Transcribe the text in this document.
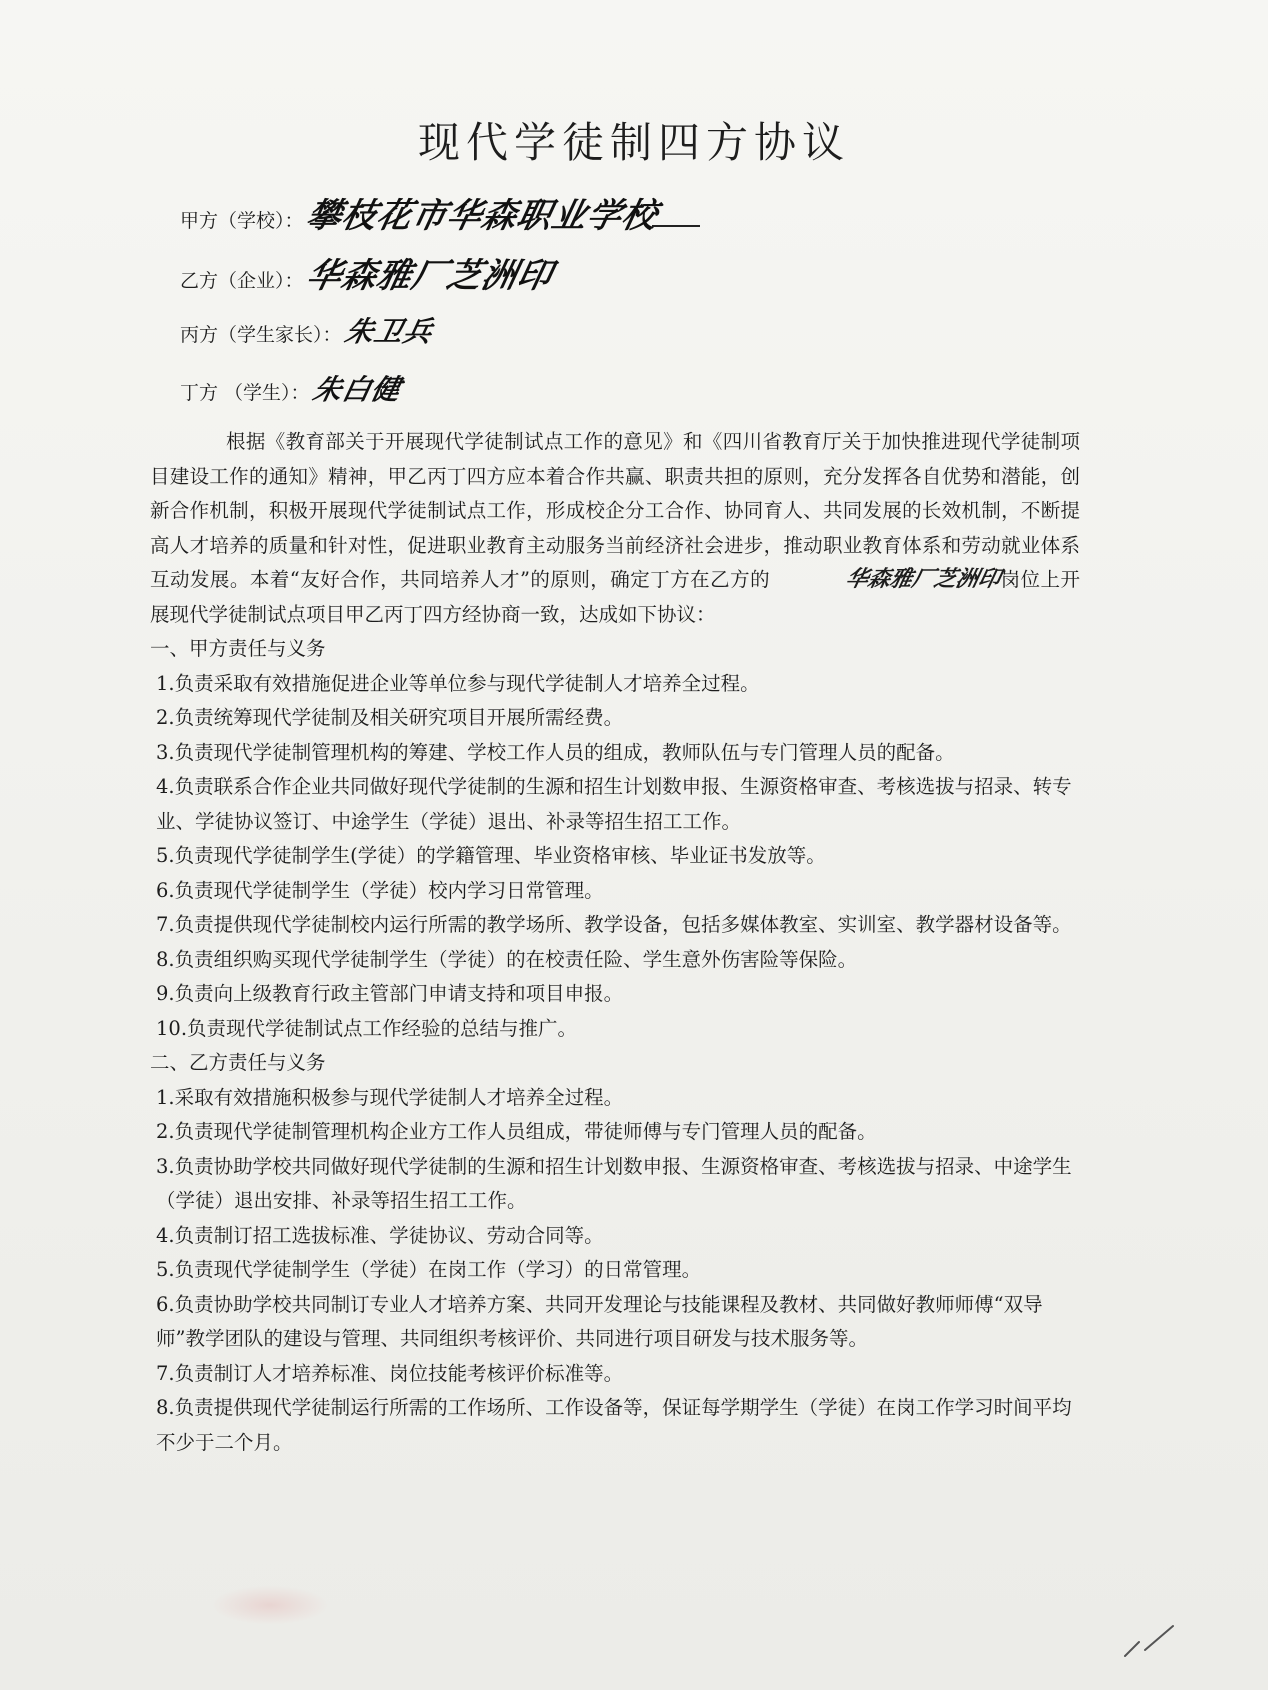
现代学徒制四方协议
甲方（学校）： 攀枝花市华森职业学校
乙方（企业）： 华森雅厂芝洲印
丙方（学生家长）： 朱卫兵
丁方 （学生）： 朱白健

根据《教育部关于开展现代学徒制试点工作的意见》和《四川省教育厅关于加快推进现代学徒制项目建设工作的通知》精神，甲乙丙丁四方应本着合作共赢、职责共担的原则，充分发挥各自优势和潜能，创新合作机制，积极开展现代学徒制试点工作，形成校企分工合作、协同育人、共同发展的长效机制，不断提高人才培养的质量和针对性，促进职业教育主动服务当前经济社会进步，推动职业教育体系和劳动就业体系互动发展。本着“友好合作，共同培养人才”的原则，确定丁方在乙方的	华森雅厂芝洲印岗位上开展现代学徒制试点项目甲乙丙丁四方经协商一致，达成如下协议：

一、甲方责任与义务

1.负责采取有效措施促进企业等单位参与现代学徒制人才培养全过程。

2.负责统筹现代学徒制及相关研究项目开展所需经费。

3.负责现代学徒制管理机构的筹建、学校工作人员的组成，教师队伍与专门管理人员的配备。

4.负责联系合作企业共同做好现代学徒制的生源和招生计划数申报、生源资格审查、考核选拔与招录、转专业、学徒协议签订、中途学生（学徒）退出、补录等招生招工工作。

5.负责现代学徒制学生(学徒）的学籍管理、毕业资格审核、毕业证书发放等。

6.负责现代学徒制学生（学徒）校内学习日常管理。

7.负责提供现代学徒制校内运行所需的教学场所、教学设备，包括多媒体教室、实训室、教学器材设备等。

8.负责组织购买现代学徒制学生（学徒）的在校责任险、学生意外伤害险等保险。

9.负责向上级教育行政主管部门申请支持和项目申报。

10.负责现代学徒制试点工作经验的总结与推广。

二、乙方责任与义务

1.采取有效措施积极参与现代学徒制人才培养全过程。

2.负责现代学徒制管理机构企业方工作人员组成，带徒师傅与专门管理人员的配备。

3.负责协助学校共同做好现代学徒制的生源和招生计划数申报、生源资格审查、考核选拔与招录、中途学生（学徒）退出安排、补录等招生招工工作。

4.负责制订招工选拔标准、学徒协议、劳动合同等。

5.负责现代学徒制学生（学徒）在岗工作（学习）的日常管理。

6.负责协助学校共同制订专业人才培养方案、共同开发理论与技能课程及教材、共同做好教师师傅“双导师”教学团队的建设与管理、共同组织考核评价、共同进行项目研发与技术服务等。

7.负责制订人才培养标准、岗位技能考核评价标准等。

8.负责提供现代学徒制运行所需的工作场所、工作设备等，保证每学期学生（学徒）在岗工作学习时间平均不少于二个月。
